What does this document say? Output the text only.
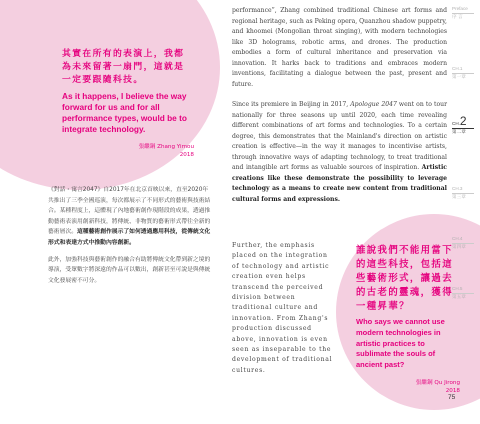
其實在所有的表演上，我都為未來留著一扇門，這就是一定要跟隨科技。
As it happens, I believe the way forward for us and for all performance types, would be to integrate technology.
張繼鋼 Zhang Yimou
2018

《對話・寓言2047》自2017年在北京首映以來，直至2020年共推出了三季全國巡演，每次都展示了不同形式的藝術與技術結合。某種程度上，這體現了內地藝術創作現階段的成果，透過推動藝術表演用創新科技，將傳統、非物質的藝術形式帶往全新的藝術層次。這種藝術創作展示了如何透過應用科技，從傳統文化形式和表達方式中推動內容創新。

此外，加強科技與藝術創作的融合有助將傳統文化帶到新之境的導演，受眾數字將深遠的作品可以數出，創新甚至可說是與傳統文化發展密不可分。

performance”, Zhang combined traditional Chinese art forms and regional heritage, such as Peking opera, Quanzhou shadow puppetry, and khoomei (Mongolian throat singing), with modern technologies like 3D holograms, robotic arms, and drones. The production embodies a form of cultural inheritance and preservation via innovation. It harks back to traditions and embraces modern inventions, facilitating a dialogue between the past, present and future.

Since its premiere in Beijing in 2017, Apologue 2047 went on to tour nationally for three seasons up until 2020, each time revealing different combinations of art forms and technologies. To a certain degree, this demonstrates that the Mainland's direction on artistic creation is effective—in the way it manages to incentivise artists, through innovative ways of adapting technology, to treat traditional and intangible art forms as valuable sources of inspiration. Artistic creations like these demonstrate the possibility to leverage technology as a means to create new content from traditional cultural forms and expressions.

Further, the emphasis placed on the integration of technology and artistic creation even helps transcend the perceived division between traditional culture and innovation. From Zhang's production discussed above, innovation is even seen as inseparable to the development of traditional cultures.
誰說我們不能用當下的這些科技，包括這些藝術形式，讓過去的古老的靈魂，獲得一種昇華？
Who says we cannot use modern technologies in artistic practices to sublimate the souls of ancient past?
張繼鋼 Qu Jirong
2018
Preface
序 言
CH.1
第一章
CH.2
第二章
CH.3
第三章
CH.4
第四章
CH.5
第五章
75
